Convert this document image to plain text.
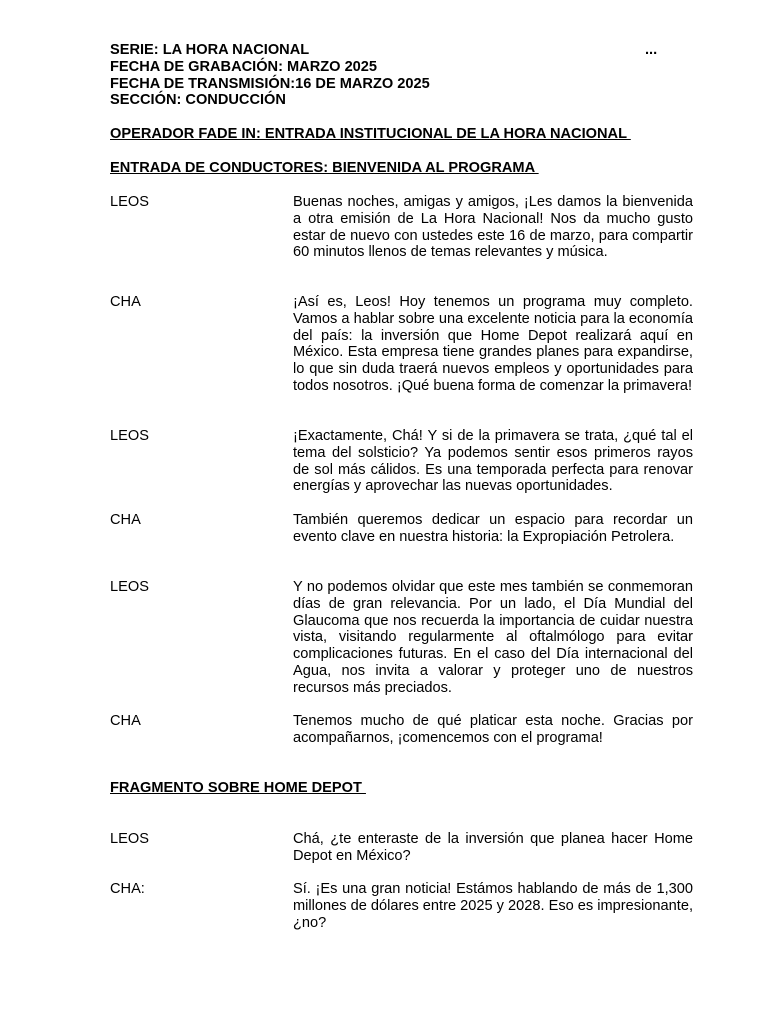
SERIE: LA HORA NACIONAL
FECHA DE GRABACIÓN: MARZO 2025
FECHA DE TRANSMISIÓN:16 DE MARZO 2025
SECCIÓN: CONDUCCIÓN
...

OPERADOR FADE IN: ENTRADA INSTITUCIONAL DE LA HORA NACIONAL

ENTRADA DE CONDUCTORES: BIENVENIDA AL PROGRAMA

LEOS	Buenas noches, amigas y amigos, ¡Les damos la bienvenida a otra emisión de La Hora Nacional! Nos da mucho gusto estar de nuevo con ustedes este 16 de marzo, para compartir 60 minutos llenos de temas relevantes y música.

CHA	¡Así es, Leos! Hoy tenemos un programa muy completo. Vamos a hablar sobre una excelente noticia para la economía del país: la inversión que Home Depot realizará aquí en México. Esta empresa tiene grandes planes para expandirse, lo que sin duda traerá nuevos empleos y oportunidades para todos nosotros. ¡Qué buena forma de comenzar la primavera!

LEOS	¡Exactamente, Chá! Y si de la primavera se trata, ¿qué tal el tema del solsticio? Ya podemos sentir esos primeros rayos de sol más cálidos. Es una temporada perfecta para renovar energías y aprovechar las nuevas oportunidades.

CHA	También queremos dedicar un espacio para recordar un evento clave en nuestra historia: la Expropiación Petrolera.

LEOS	Y no podemos olvidar que este mes también se conmemoran días de gran relevancia. Por un lado, el Día Mundial del Glaucoma que nos recuerda la importancia de cuidar nuestra vista, visitando regularmente al oftalmólogo para evitar complicaciones futuras. En el caso del Día internacional del Agua, nos invita a valorar y proteger uno de nuestros recursos más preciados.

CHA	Tenemos mucho de qué platicar esta noche. Gracias por acompañarnos, ¡comencemos con el programa!

FRAGMENTO SOBRE HOME DEPOT

LEOS	Chá, ¿te enteraste de la inversión que planea hacer Home Depot en México?

CHA:	Sí. ¡Es una gran noticia! Estámos hablando de más de 1,300 millones de dólares entre 2025 y 2028. Eso es impresionante, ¿no?
